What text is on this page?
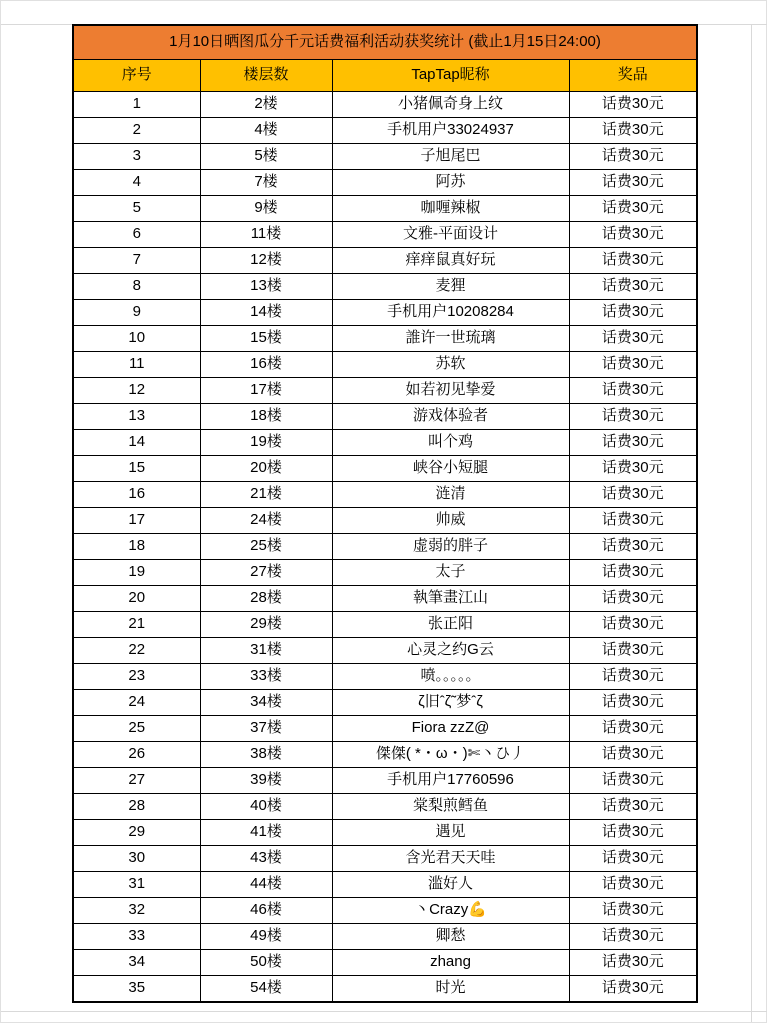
1月10日晒图瓜分千元话费福利活动获奖统计 (截止1月15日24:00)			
序号	楼层数	TapTap昵称	奖品
1	2楼	小猪佩奇身上纹	话费30元
2	4楼	手机用户33024937	话费30元
3	5楼	子旭尾巴	话费30元
4	7楼	阿苏	话费30元
5	9楼	咖喱辣椒	话费30元
6	11楼	文雅-平面设计	话费30元
7	12楼	痒痒鼠真好玩	话费30元
8	13楼	麦狸	话费30元
9	14楼	手机用户10208284	话费30元
10	15楼	誰许一世琉璃	话费30元
11	16楼	苏软	话费30元
12	17楼	如若初见挚爱	话费30元
13	18楼	游戏体验者	话费30元
14	19楼	叫个鸡	话费30元
15	20楼	峡谷小短腿	话费30元
16	21楼	涟清	话费30元
17	24楼	帅威	话费30元
18	25楼	虚弱的胖子	话费30元
19	27楼	太子	话费30元
20	28楼	執筆畫江山	话费30元
21	29楼	张正阳	话费30元
22	31楼	心灵之约G云	话费30元
23	33楼	喷。。。。。	话费30元
24	34楼	ζ旧ˆζ˜梦ˆζ	话费30元
25	37楼	Fiora zzZ@	话费30元
26	38楼	傑傑( *・ω・)✄丶ひ丿	话费30元
27	39楼	手机用户17760596	话费30元
28	40楼	棠梨煎鳕鱼	话费30元
29	41楼	遇见	话费30元
30	43楼	含光君天天哇	话费30元
31	44楼	滥好人	话费30元
32	46楼	丶Crazy💪	话费30元
33	49楼	卿愁	话费30元
34	50楼	zhang	话费30元
35	54楼	时光	话费30元
